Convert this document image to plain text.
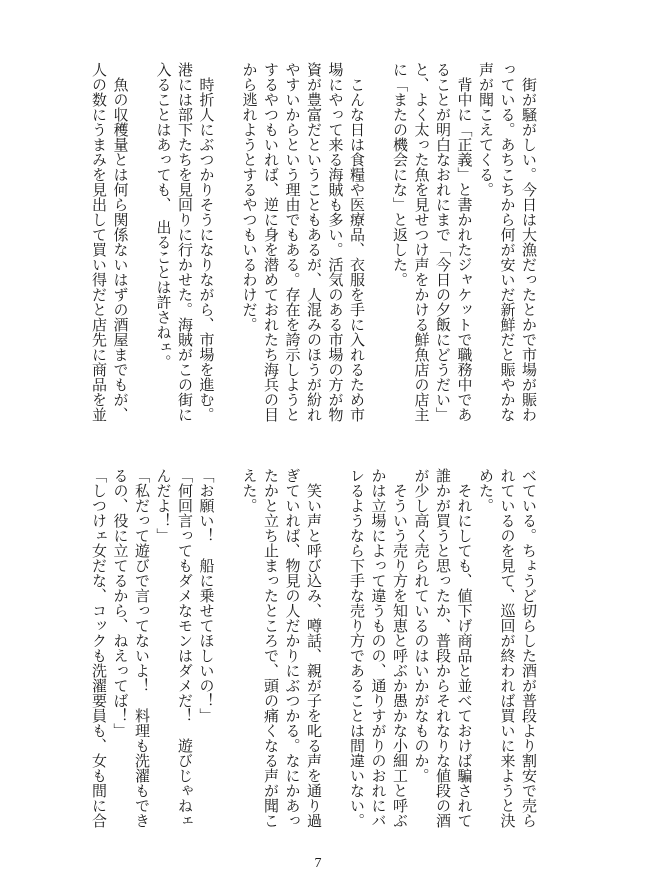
　街が騒がしい。今日は大漁だったとかで市場が賑わ
っている。あちこちから何が安いだ新鮮だと賑やかな
声が聞こえてくる。
　背中に「正義」と書かれたジャケットで職務中であ
ることが明白なおれにまで「今日の夕飯にどうだい」
と、よく太った魚を見せつけ声をかける鮮魚店の店主
に「またの機会にな」と返した。
　こんな日は食糧や医療品、衣服を手に入れるため市
場にやって来る海賊も多い。活気のある市場の方が物
資が豊富だということもあるが、人混みのほうが紛れ
やすいからという理由でもある。存在を誇示しようと
するやつもいれば、逆に身を潜めておれたち海兵の目
から逃れようとするやつもいるわけだ。
　時折人にぶつかりそうになりながら、市場を進む。
港には部下たちを見回りに行かせた。海賊がこの街に
入ることはあっても、　出ることは許さねェ。
　魚の収穫量とは何ら関係ないはずの酒屋までもが、
人の数にうまみを見出して買い得だと店先に商品を並
べている。ちょうど切らした酒が普段より割安で売ら
れているのを見て、巡回が終われば買いに来ようと決
めた。
　それにしても、値下げ商品と並べておけば騙されて
誰かが買うと思ったか、普段からそれなりな値段の酒
が少し高く売られているのはいかがなものか。
　そういう売り方を知恵と呼ぶか愚かな小細工と呼ぶ
かは立場によって違うものの、通りすがりのおれにバ
レるようなら下手な売り方であることは間違いない。
　笑い声と呼び込み、噂話、親が子を叱る声を通り過
ぎていれば、物見の人だかりにぶつかる。なにかあっ
たかと立ち止まったところで、頭の痛くなる声が聞こ
えた。
「お願い！　船に乗せてほしいの！」
「何回言ってもダメなモンはダメだ！　遊びじゃねェ
んだよ！」
「私だって遊びで言ってないよ！　料理も洗濯もでき
るの、役に立てるから、ねえってば！」
「しつけェ女だな、コックも洗濯要員も、女も間に合
7
